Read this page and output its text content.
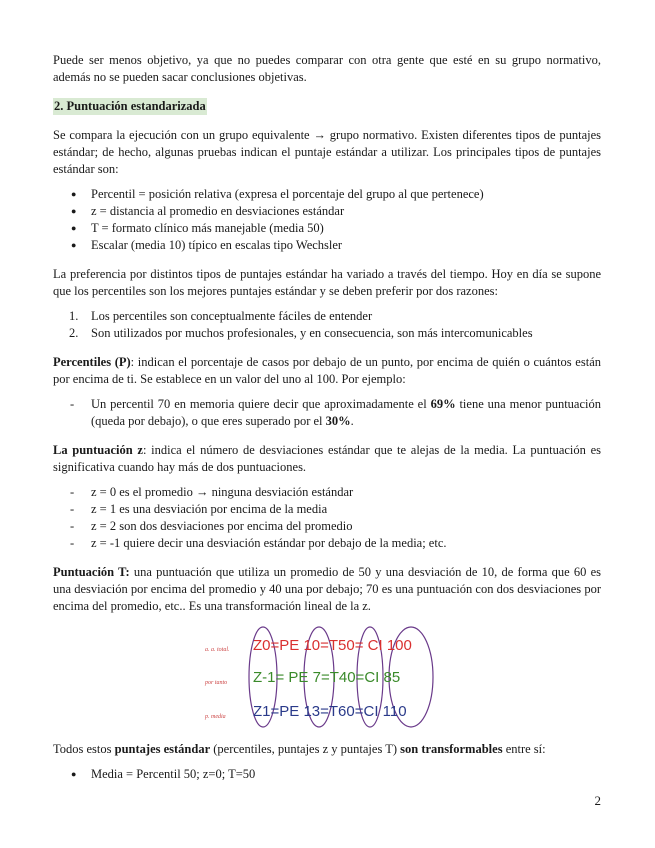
Puede ser menos objetivo, ya que no puedes comparar con otra gente que esté en su grupo normativo, además no se pueden sacar conclusiones objetivas.

2. Puntuación estandarizada

Se compara la ejecución con un grupo equivalente → grupo normativo. Existen diferentes tipos de puntajes estándar; de hecho, algunas pruebas indican el puntaje estándar a utilizar. Los principales tipos de puntajes estándar son:

● Percentil = posición relativa (expresa el porcentaje del grupo al que pertenece)
● z = distancia al promedio en desviaciones estándar
● T = formato clínico más manejable (media 50)
● Escalar (media 10) típico en escalas tipo Wechsler

La preferencia por distintos tipos de puntajes estándar ha variado a través del tiempo. Hoy en día se supone que los percentiles son los mejores puntajes estándar y se deben preferir por dos razones:

1. Los percentiles son conceptualmente fáciles de entender
2. Son utilizados por muchos profesionales, y en consecuencia, son más intercomunicables

Percentiles (P): indican el porcentaje de casos por debajo de un punto, por encima de quién o cuántos están por encima de ti. Se establece en un valor del uno al 100. Por ejemplo:

- Un percentil 70 en memoria quiere decir que aproximadamente el 69% tiene una menor puntuación (queda por debajo), o que eres superado por el 30%.

La puntuación z: indica el número de desviaciones estándar que te alejas de la media. La puntuación es significativa cuando hay más de dos puntuaciones.

- z = 0 es el promedio → ninguna desviación estándar
- z = 1 es una desviación por encima de la media
- z = 2 son dos desviaciones por encima del promedio
- z = -1 quiere decir una desviación estándar por debajo de la media; etc.

Puntuación T: una puntuación que utiliza un promedio de 50 y una desviación de 10, de forma que 60 es una desviación por encima del promedio y 40 una por debajo; 70 es una puntuación con dos desviaciones por encima del promedio, etc.. Es una transformación lineal de la z.

a. a. total.
por tanto
p. media
Z0=PE 10=T50= CI 100
Z-1= PE 7=T40=CI 85
Z1=PE 13=T60=CI 110

Todos estos puntajes estándar (percentiles, puntajes z y puntajes T) son transformables entre sí:

● Media = Percentil 50; z=0; T=50
2
